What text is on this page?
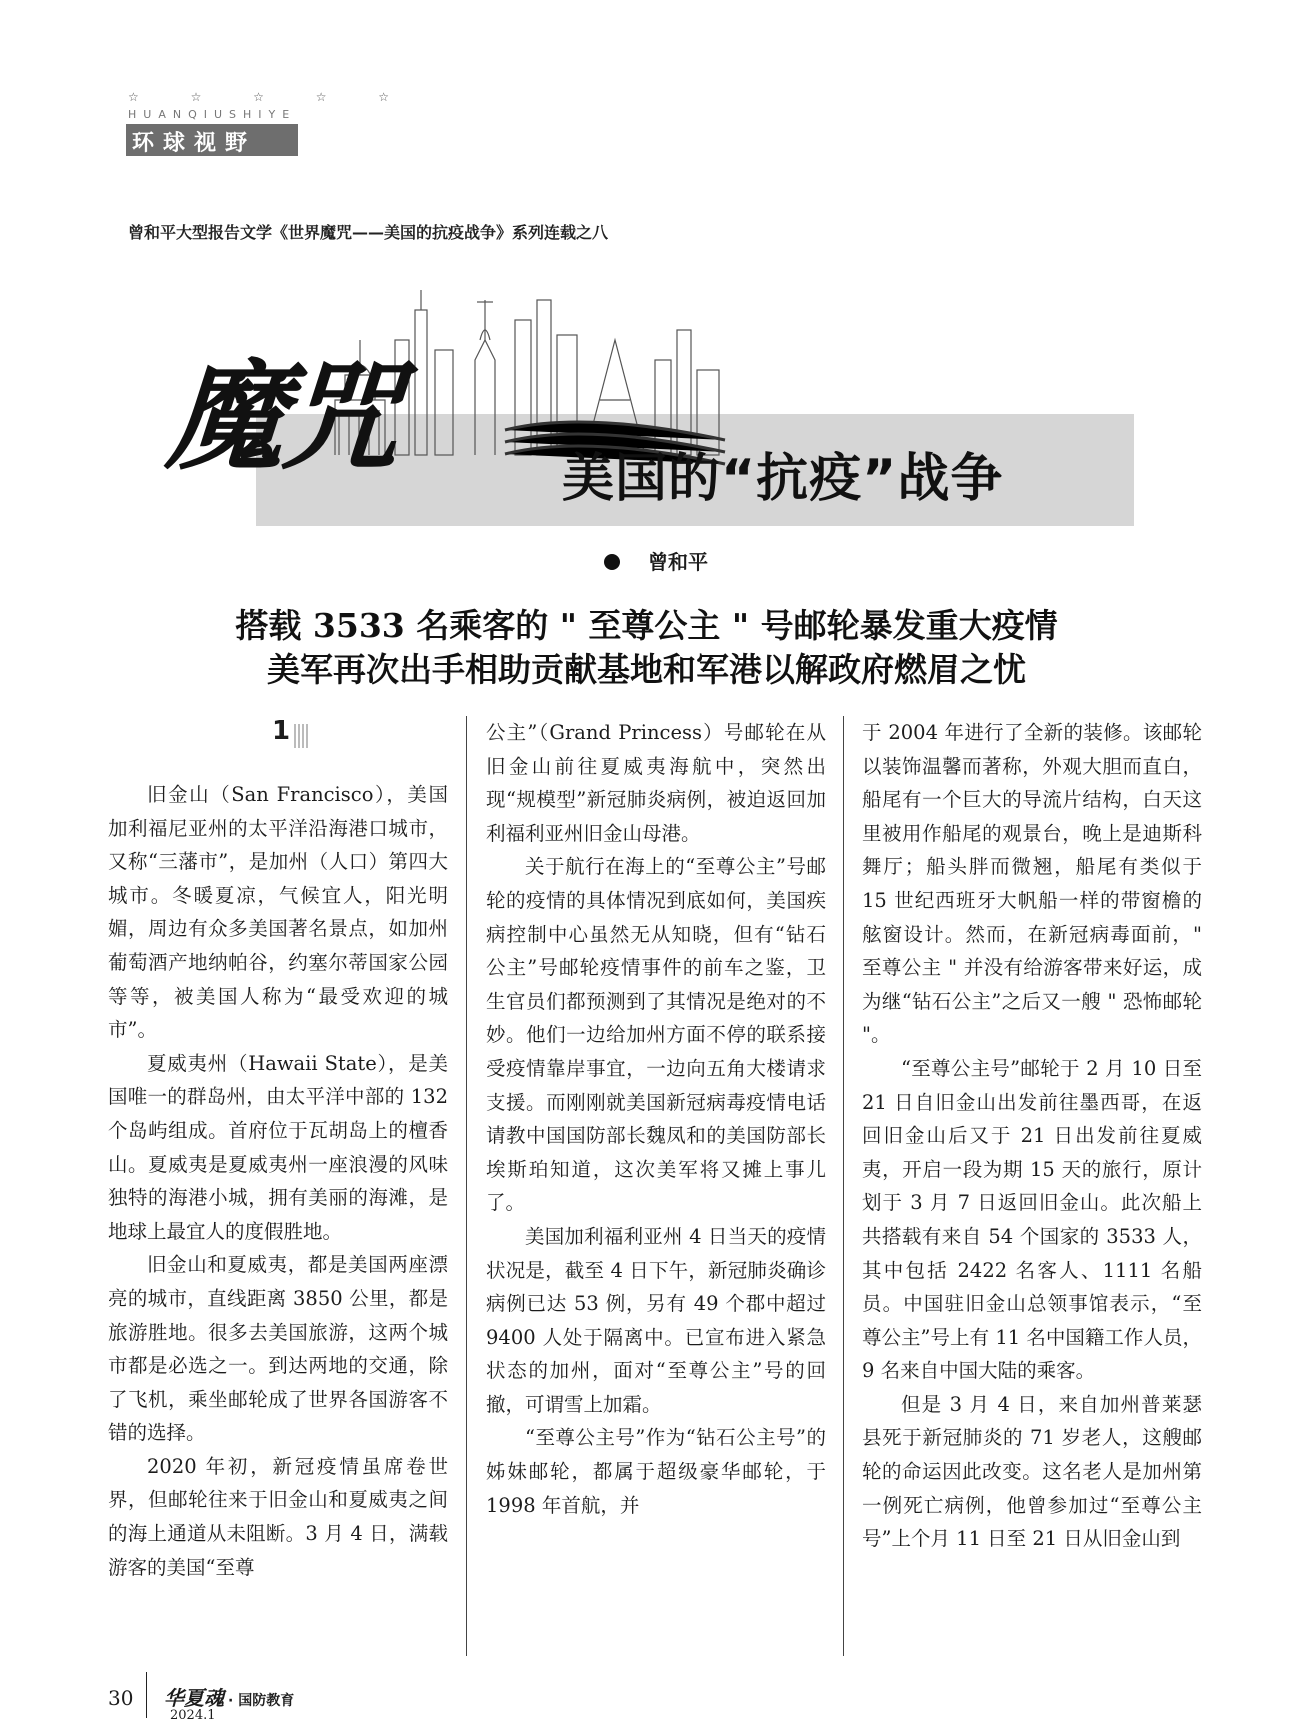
☆ ☆ ☆ ☆ ☆
HUANQIUSHIYE
环球视野
曾和平大型报告文学《世界魔咒——美国的抗疫战争》系列连载之八
魔咒	美国的“抗疫”战争
曾和平
搭载 3533 名乘客的 " 至尊公主 " 号邮轮暴发重大疫情
美军再次出手相助贡献基地和军港以解政府燃眉之忧
1

旧金山（San Francisco），美国加利福尼亚州的太平洋沿海港口城市，又称“三藩市”，是加州（人口）第四大城市。冬暖夏凉，气候宜人，阳光明媚，周边有众多美国著名景点，如加州葡萄酒产地纳帕谷，约塞尔蒂国家公园等等，被美国人称为“最受欢迎的城市”。

夏威夷州（Hawaii State），是美国唯一的群岛州，由太平洋中部的 132 个岛屿组成。首府位于瓦胡岛上的檀香山。夏威夷是夏威夷州一座浪漫的风味独特的海港小城，拥有美丽的海滩，是地球上最宜人的度假胜地。

旧金山和夏威夷，都是美国两座漂亮的城市，直线距离 3850 公里，都是旅游胜地。很多去美国旅游，这两个城市都是必选之一。到达两地的交通，除了飞机，乘坐邮轮成了世界各国游客不错的选择。

2020 年初，新冠疫情虽席卷世界，但邮轮往来于旧金山和夏威夷之间的海上通道从未阻断。3 月 4 日，满载游客的美国“至尊

公主”（Grand Princess）号邮轮在从旧金山前往夏威夷海航中，突然出现“规模型”新冠肺炎病例，被迫返回加利福利亚州旧金山母港。

关于航行在海上的“至尊公主”号邮轮的疫情的具体情况到底如何，美国疾病控制中心虽然无从知晓，但有“钻石公主”号邮轮疫情事件的前车之鉴，卫生官员们都预测到了其情况是绝对的不妙。他们一边给加州方面不停的联系接受疫情靠岸事宜，一边向五角大楼请求支援。而刚刚就美国新冠病毒疫情电话请教中国国防部长魏凤和的美国防部长埃斯珀知道，这次美军将又摊上事儿了。

美国加利福利亚州 4 日当天的疫情状况是，截至 4 日下午，新冠肺炎确诊病例已达 53 例，另有 49 个郡中超过 9400 人处于隔离中。已宣布进入紧急状态的加州，面对“至尊公主”号的回撤，可谓雪上加霜。

“至尊公主号”作为“钻石公主号”的姊妹邮轮，都属于超级豪华邮轮，于 1998 年首航，并

于 2004 年进行了全新的装修。该邮轮以装饰温馨而著称，外观大胆而直白，船尾有一个巨大的导流片结构，白天这里被用作船尾的观景台，晚上是迪斯科舞厅；船头胖而微翘，船尾有类似于 15 世纪西班牙大帆船一样的带窗檐的舷窗设计。然而，在新冠病毒面前，" 至尊公主 " 并没有给游客带来好运，成为继“钻石公主”之后又一艘 " 恐怖邮轮 "。

“至尊公主号”邮轮于 2 月 10 日至 21 日自旧金山出发前往墨西哥，在返回旧金山后又于 21 日出发前往夏威夷，开启一段为期 15 天的旅行，原计划于 3 月 7 日返回旧金山。此次船上共搭载有来自 54 个国家的 3533 人，其中包括 2422 名客人、1111 名船员。中国驻旧金山总领事馆表示，“至尊公主”号上有 11 名中国籍工作人员，9 名来自中国大陆的乘客。

但是 3 月 4 日，来自加州普莱瑟县死于新冠肺炎的 71 岁老人，这艘邮轮的命运因此改变。这名老人是加州第一例死亡病例，他曾参加过“至尊公主号”上个月 11 日至 21 日从旧金山到

30 华夏魂 · 国防教育
2024.1
